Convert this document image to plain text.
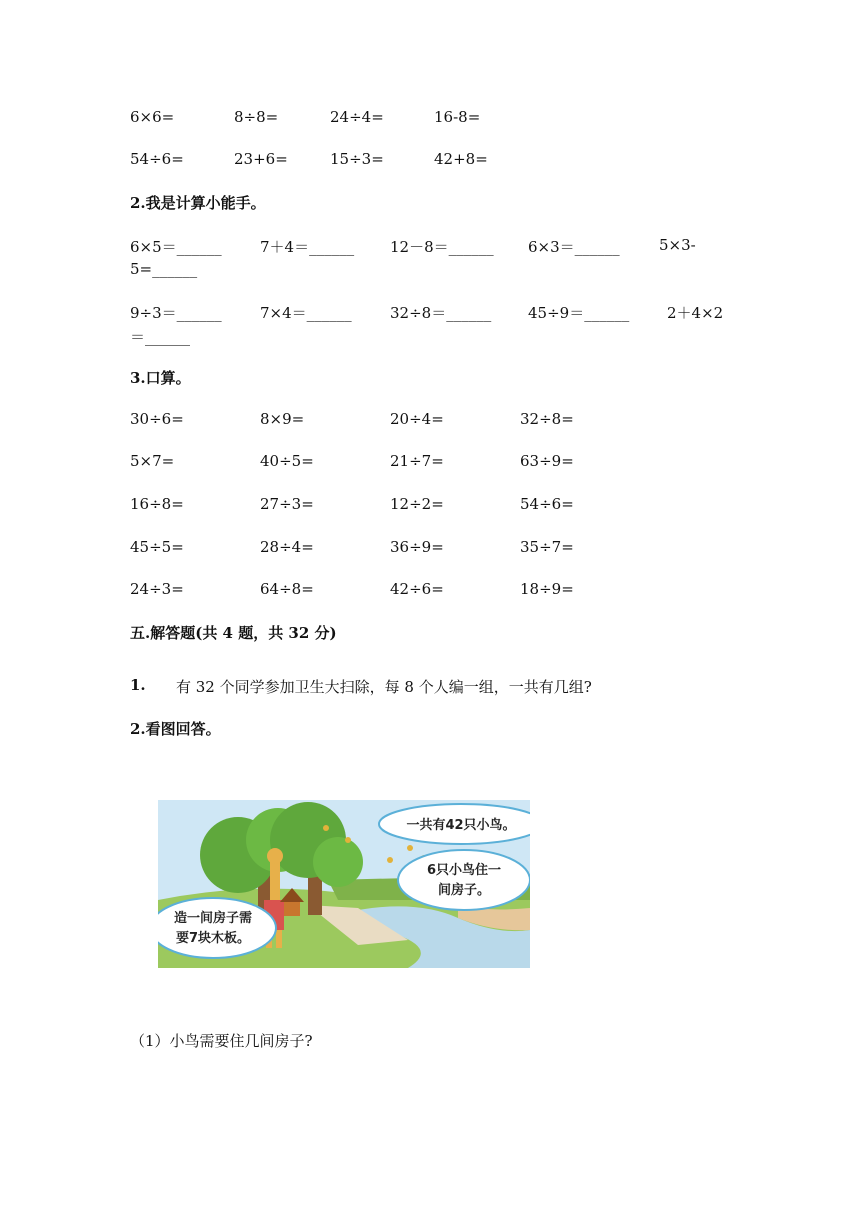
6×6=	8÷8=	24÷4=	16-8=
54÷6=	23+6=	15÷3=	42+8=
2.我是计算小能手。
6×5＝______	7＋4＝______ 12－8＝______ 6×3＝______	5×3-
5=______
9÷3＝______	7×4＝______	32÷8＝______ 45÷9＝______	2＋4×2
＝______
3.口算。
30÷6=	8×9=	20÷4=	32÷8=
5×7=	40÷5=	21÷7=	63÷9=
16÷8=	27÷3=	12÷2=	54÷6=
45÷5=	28÷4=	36÷9=	35÷7=
24÷3=	64÷8=	42÷6=	18÷9=
五.解答题(共 4 题，共 32 分)
1. 有 32 个同学参加卫生大扫除，每 8 个人编一组，一共有几组?
2.看图回答。
一共有42只小鸟。
6只小鸟住一
间房子。
造一间房子需
要7块木板。
（1）小鸟需要住几间房子?
